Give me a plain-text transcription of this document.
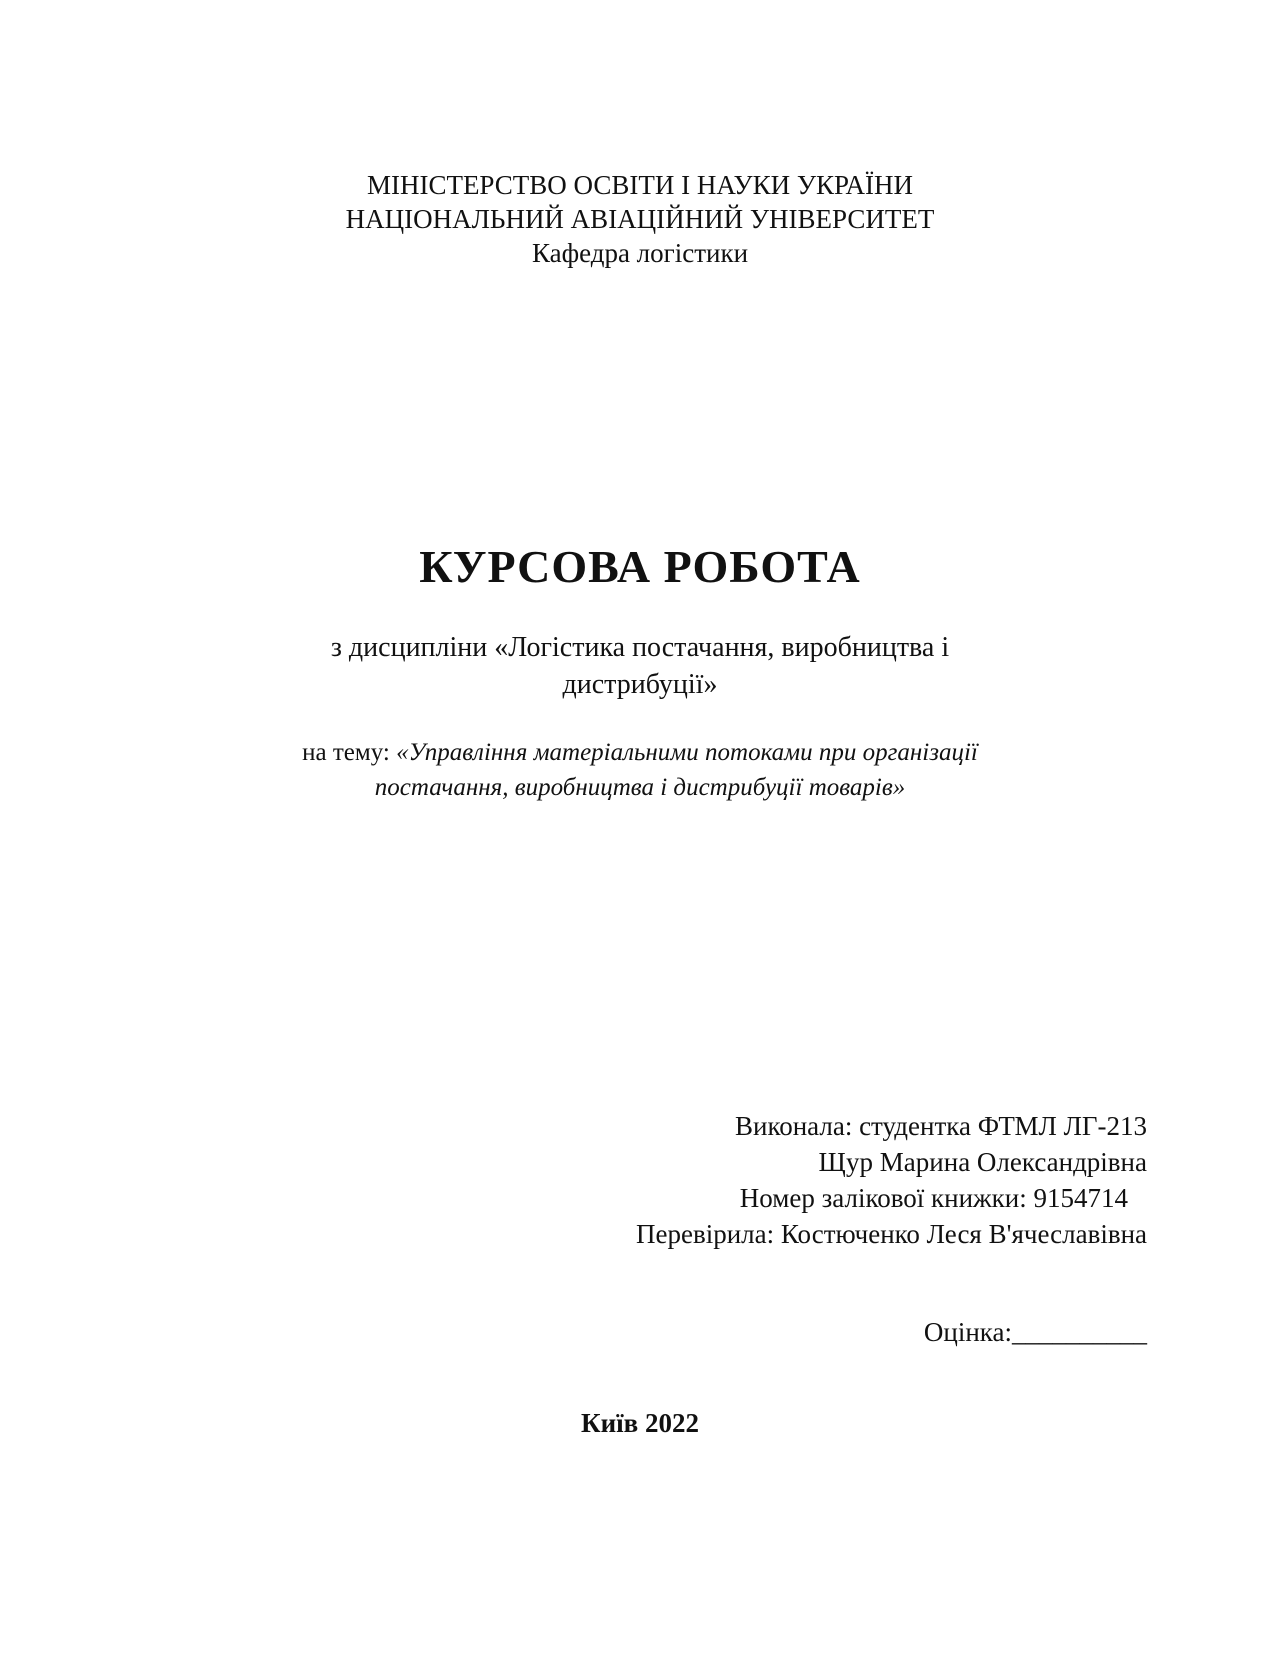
МІНІСТЕРСТВО ОСВІТИ І НАУКИ УКРАЇНИ
НАЦІОНАЛЬНИЙ АВІАЦІЙНИЙ УНІВЕРСИТЕТ
Кафедра логістики
КУРСОВА РОБОТА
з дисципліни «Логістика постачання, виробництва і
дистрибуції»
на тему: «Управління матеріальними потоками при організації
постачання, виробництва і дистрибуції товарів»
Виконала: студентка ФТМЛ ЛГ-213
Щур Марина Олександрівна
Номер залікової книжки: 9154714
Перевірила: Костюченко Леся В'ячеславівна
Оцінка:__________
Київ 2022
